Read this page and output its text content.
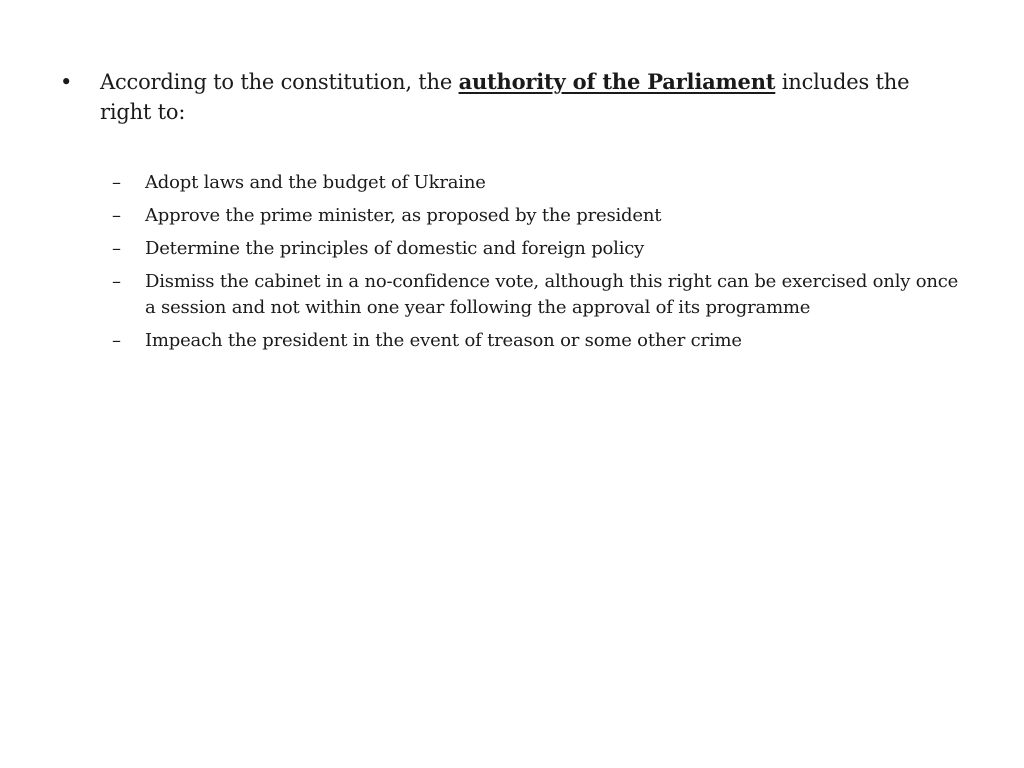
•	According to the constitution, the authority of the Parliament includes the right to:
–	Adopt laws and the budget of Ukraine
–	Approve the prime minister, as proposed by the president
–	Determine the principles of domestic and foreign policy
–	Dismiss the cabinet in a no-confidence vote, although this right can be exercised only once a session and not within one year following the approval of its programme
–	Impeach the president in the event of treason or some other crime
